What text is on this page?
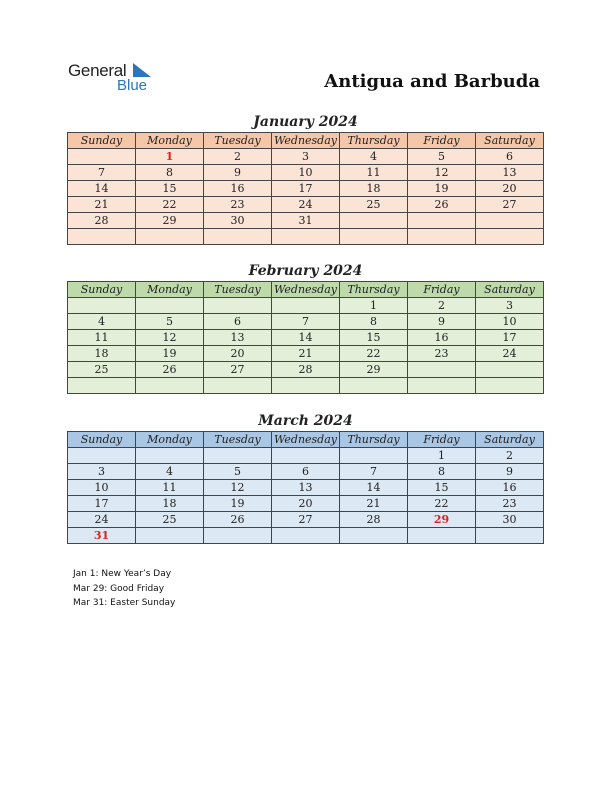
General
Blue	Antigua and Barbuda
January 2024
Sunday	Monday	Tuesday	Wednesday	Thursday	Friday	Saturday
	1	2	3	4	5	6
7	8	9	10	11	12	13
14	15	16	17	18	19	20
21	22	23	24	25	26	27
28	29	30	31			

February 2024
Sunday	Monday	Tuesday	Wednesday	Thursday	Friday	Saturday
				1	2	3
4	5	6	7	8	9	10
11	12	13	14	15	16	17
18	19	20	21	22	23	24
25	26	27	28	29		

March 2024
Sunday	Monday	Tuesday	Wednesday	Thursday	Friday	Saturday
					1	2
3	4	5	6	7	8	9
10	11	12	13	14	15	16
17	18	19	20	21	22	23
24	25	26	27	28	29	30
31						
Jan 1: New Year’s Day
Mar 29: Good Friday
Mar 31: Easter Sunday
